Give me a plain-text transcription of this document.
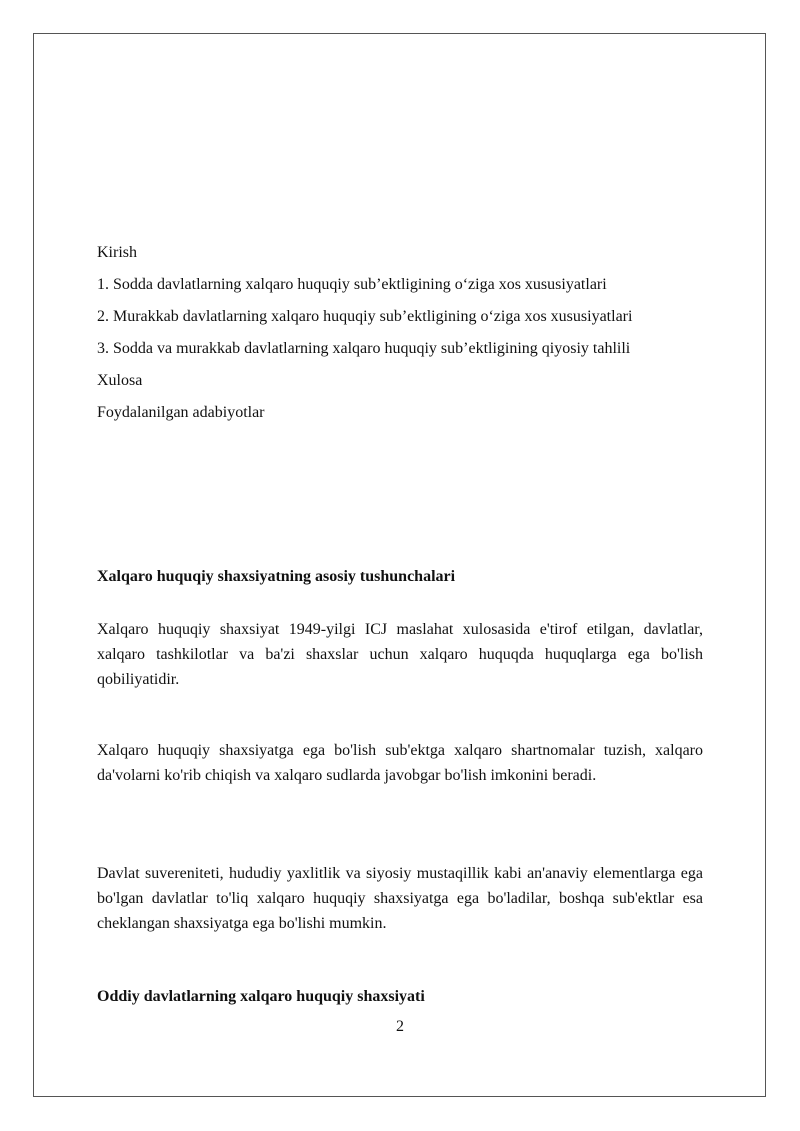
Kirish

1. Sodda davlatlarning xalqaro huquqiy sub’ektligining o‘ziga xos xususiyatlari

2. Murakkab davlatlarning xalqaro huquqiy sub’ektligining o‘ziga xos xususiyatlari

3. Sodda va murakkab davlatlarning xalqaro huquqiy sub’ektligining qiyosiy tahlili

Xulosa

Foydalanilgan adabiyotlar

Xalqaro huquqiy shaxsiyatning asosiy tushunchalari

Xalqaro huquqiy shaxsiyat 1949-yilgi ICJ maslahat xulosasida e'tirof etilgan, davlatlar, xalqaro tashkilotlar va ba'zi shaxslar uchun xalqaro huquqda huquqlarga ega bo'lish qobiliyatidir.

Xalqaro huquqiy shaxsiyatga ega bo'lish sub'ektga xalqaro shartnomalar tuzish, xalqaro da'volarni ko'rib chiqish va xalqaro sudlarda javobgar bo'lish imkonini beradi.

Davlat suvereniteti, hududiy yaxlitlik va siyosiy mustaqillik kabi an'anaviy elementlarga ega bo'lgan davlatlar to'liq xalqaro huquqiy shaxsiyatga ega bo'ladilar, boshqa sub'ektlar esa cheklangan shaxsiyatga ega bo'lishi mumkin.

Oddiy davlatlarning xalqaro huquqiy shaxsiyati
2
